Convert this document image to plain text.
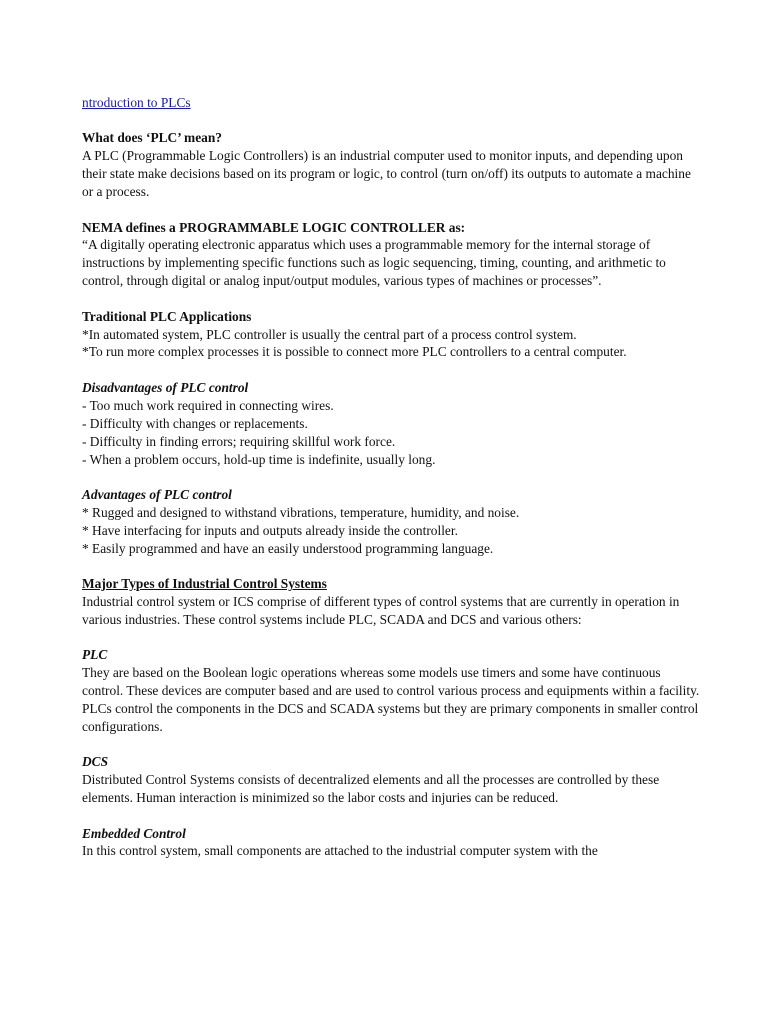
ntroduction to PLCs
What does ‘PLC’ mean?
A PLC (Programmable Logic Controllers) is an industrial computer used to monitor inputs, and depending upon their state make decisions based on its program or logic, to control (turn on/off) its outputs to automate a machine or a process.
NEMA defines a PROGRAMMABLE LOGIC CONTROLLER as:
“A digitally operating electronic apparatus which uses a programmable memory for the internal storage of instructions by implementing specific functions such as logic sequencing, timing, counting, and arithmetic to control, through digital or analog input/output modules, various types of machines or processes”.
Traditional PLC Applications
*In automated system, PLC controller is usually the central part of a process control system.
*To run more complex processes it is possible to connect more PLC controllers to a central computer.
Disadvantages of PLC control
- Too much work required in connecting wires.
- Difficulty with changes or replacements.
- Difficulty in finding errors; requiring skillful work force.
- When a problem occurs, hold-up time is indefinite, usually long.
Advantages of PLC control
* Rugged and designed to withstand vibrations, temperature, humidity, and noise.
* Have interfacing for inputs and outputs already inside the controller.
* Easily programmed and have an easily understood programming language.
Major Types of Industrial Control Systems
Industrial control system or ICS comprise of different types of control systems that are currently in operation in various industries. These control systems include PLC, SCADA and DCS and various others:
PLC
They are based on the Boolean logic operations whereas some models use timers and some have continuous control. These devices are computer based and are used to control various process and equipments within a facility. PLCs control the components in the DCS and SCADA systems but they are primary components in smaller control configurations.
DCS
Distributed Control Systems consists of decentralized elements and all the processes are controlled by these elements. Human interaction is minimized so the labor costs and injuries can be reduced.
Embedded Control
In this control system, small components are attached to the industrial computer system with the
